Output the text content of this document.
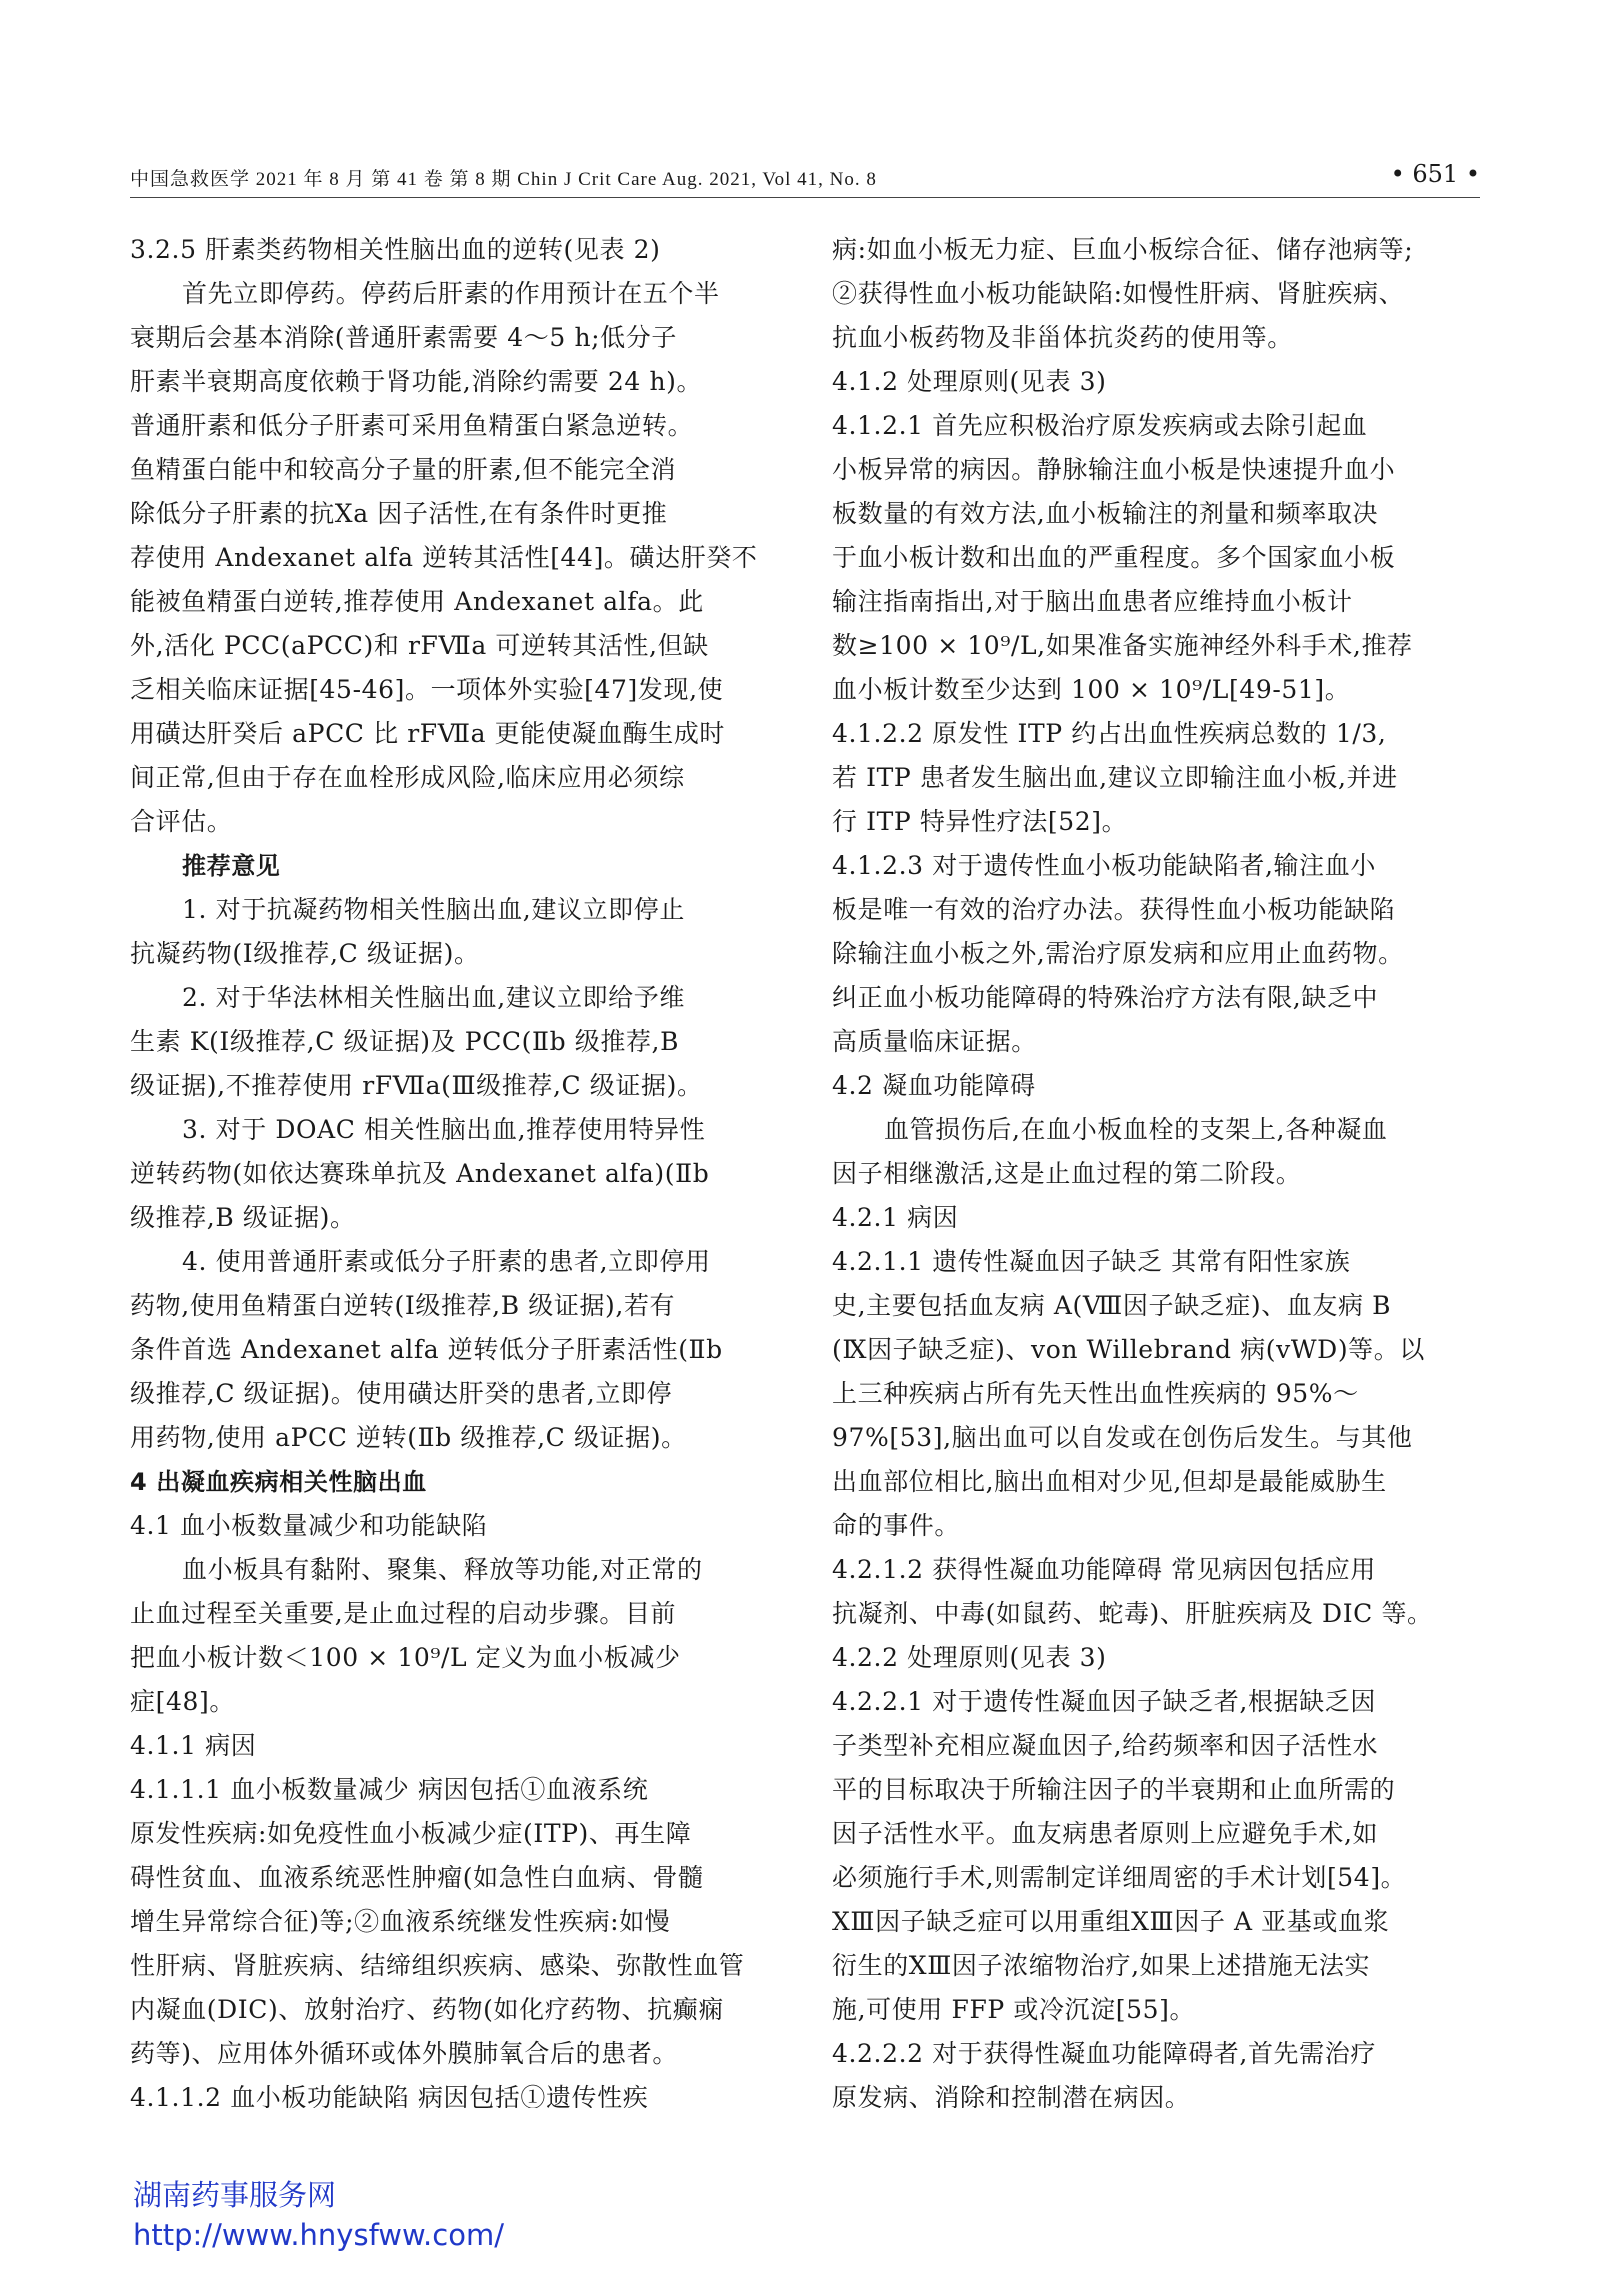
中国急救医学 2021 年 8 月 第 41 卷 第 8 期 Chin J Crit Care Aug. 2021, Vol 41, No. 8	• 651 •
3.2.5 肝素类药物相关性脑出血的逆转(见表 2)
首先立即停药。停药后肝素的作用预计在五个半
衰期后会基本消除(普通肝素需要 4～5 h;低分子
肝素半衰期高度依赖于肾功能,消除约需要 24 h)。
普通肝素和低分子肝素可采用鱼精蛋白紧急逆转。
鱼精蛋白能中和较高分子量的肝素,但不能完全消
除低分子肝素的抗Ⅹa 因子活性,在有条件时更推
荐使用 Andexanet alfa 逆转其活性[44]。磺达肝癸不
能被鱼精蛋白逆转,推荐使用 Andexanet alfa。此
外,活化 PCC(aPCC)和 rFⅦa 可逆转其活性,但缺
乏相关临床证据[45-46]。一项体外实验[47]发现,使
用磺达肝癸后 aPCC 比 rFⅦa 更能使凝血酶生成时
间正常,但由于存在血栓形成风险,临床应用必须综
合评估。
推荐意见
1. 对于抗凝药物相关性脑出血,建议立即停止
抗凝药物(Ⅰ级推荐,C 级证据)。
2. 对于华法林相关性脑出血,建议立即给予维
生素 K(Ⅰ级推荐,C 级证据)及 PCC(Ⅱb 级推荐,B
级证据),不推荐使用 rFⅦa(Ⅲ级推荐,C 级证据)。
3. 对于 DOAC 相关性脑出血,推荐使用特异性
逆转药物(如依达赛珠单抗及 Andexanet alfa)(Ⅱb
级推荐,B 级证据)。
4. 使用普通肝素或低分子肝素的患者,立即停用
药物,使用鱼精蛋白逆转(Ⅰ级推荐,B 级证据),若有
条件首选 Andexanet alfa 逆转低分子肝素活性(Ⅱb
级推荐,C 级证据)。使用磺达肝癸的患者,立即停
用药物,使用 aPCC 逆转(Ⅱb 级推荐,C 级证据)。
4 出凝血疾病相关性脑出血
4.1 血小板数量减少和功能缺陷
血小板具有黏附、聚集、释放等功能,对正常的
止血过程至关重要,是止血过程的启动步骤。目前
把血小板计数＜100 × 10⁹/L 定义为血小板减少
症[48]。
4.1.1 病因
4.1.1.1 血小板数量减少 病因包括①血液系统
原发性疾病:如免疫性血小板减少症(ITP)、再生障
碍性贫血、血液系统恶性肿瘤(如急性白血病、骨髓
增生异常综合征)等;②血液系统继发性疾病:如慢
性肝病、肾脏疾病、结缔组织疾病、感染、弥散性血管
内凝血(DIC)、放射治疗、药物(如化疗药物、抗癫痫
药等)、应用体外循环或体外膜肺氧合后的患者。
4.1.1.2 血小板功能缺陷 病因包括①遗传性疾
病:如血小板无力症、巨血小板综合征、储存池病等;
②获得性血小板功能缺陷:如慢性肝病、肾脏疾病、
抗血小板药物及非甾体抗炎药的使用等。
4.1.2 处理原则(见表 3)
4.1.2.1 首先应积极治疗原发疾病或去除引起血
小板异常的病因。静脉输注血小板是快速提升血小
板数量的有效方法,血小板输注的剂量和频率取决
于血小板计数和出血的严重程度。多个国家血小板
输注指南指出,对于脑出血患者应维持血小板计
数≥100 × 10⁹/L,如果准备实施神经外科手术,推荐
血小板计数至少达到 100 × 10⁹/L[49-51]。
4.1.2.2 原发性 ITP 约占出血性疾病总数的 1/3,
若 ITP 患者发生脑出血,建议立即输注血小板,并进
行 ITP 特异性疗法[52]。
4.1.2.3 对于遗传性血小板功能缺陷者,输注血小
板是唯一有效的治疗办法。获得性血小板功能缺陷
除输注血小板之外,需治疗原发病和应用止血药物。
纠正血小板功能障碍的特殊治疗方法有限,缺乏中
高质量临床证据。
4.2 凝血功能障碍
血管损伤后,在血小板血栓的支架上,各种凝血
因子相继激活,这是止血过程的第二阶段。
4.2.1 病因
4.2.1.1 遗传性凝血因子缺乏 其常有阳性家族
史,主要包括血友病 A(Ⅷ因子缺乏症)、血友病 B
(Ⅸ因子缺乏症)、von Willebrand 病(vWD)等。以
上三种疾病占所有先天性出血性疾病的 95%～
97%[53],脑出血可以自发或在创伤后发生。与其他
出血部位相比,脑出血相对少见,但却是最能威胁生
命的事件。
4.2.1.2 获得性凝血功能障碍 常见病因包括应用
抗凝剂、中毒(如鼠药、蛇毒)、肝脏疾病及 DIC 等。
4.2.2 处理原则(见表 3)
4.2.2.1 对于遗传性凝血因子缺乏者,根据缺乏因
子类型补充相应凝血因子,给药频率和因子活性水
平的目标取决于所输注因子的半衰期和止血所需的
因子活性水平。血友病患者原则上应避免手术,如
必须施行手术,则需制定详细周密的手术计划[54]。
ⅩⅢ因子缺乏症可以用重组ⅩⅢ因子 A 亚基或血浆
衍生的ⅩⅢ因子浓缩物治疗,如果上述措施无法实
施,可使用 FFP 或冷沉淀[55]。
4.2.2.2 对于获得性凝血功能障碍者,首先需治疗
原发病、消除和控制潜在病因。
湖南药事服务网
http://www.hnysfww.com/
